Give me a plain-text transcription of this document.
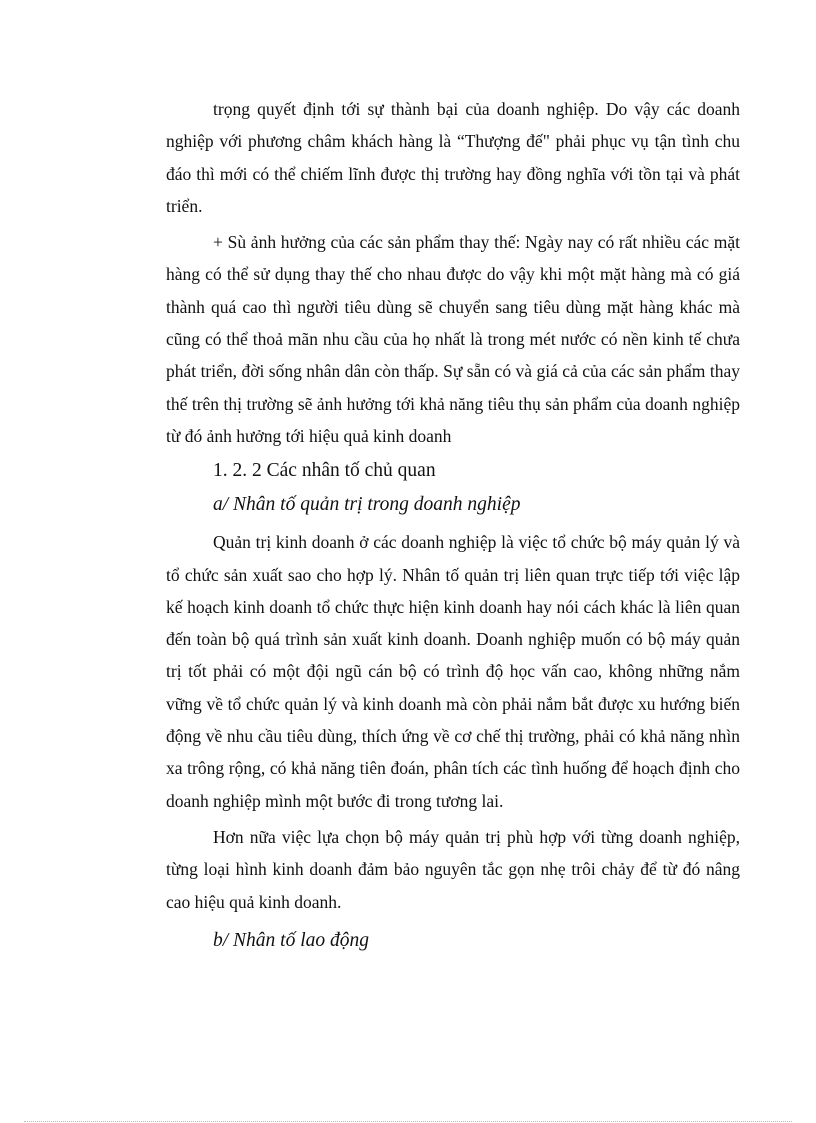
trọng quyết định tới sự thành bại của doanh nghiệp. Do vậy các doanh nghiệp với phương châm khách hàng là “Thượng đế" phải phục vụ tận tình chu đáo thì mới có thể chiếm lĩnh được thị trường hay đồng nghĩa với tồn tại và phát triển.

+ Sù ảnh hưởng của các sản phẩm thay thế: Ngày nay có rất nhiều các mặt hàng có thể sử dụng thay thế cho nhau được do vậy khi một mặt hàng mà có giá thành quá cao thì người tiêu dùng sẽ chuyển sang tiêu dùng mặt hàng khác mà cũng có thể thoả mãn nhu cầu của họ nhất là trong mét nước có nền kinh tế chưa phát triển, đời sống nhân dân còn thấp. Sự sẵn có và giá cả của các sản phẩm thay thế trên thị trường sẽ ảnh hưởng tới khả năng tiêu thụ sản phẩm của doanh nghiệp từ đó ảnh hưởng tới hiệu quả kinh doanh

1. 2. 2 Các nhân tố chủ quan
a/ Nhân tố quản trị trong doanh nghiệp

Quản trị kinh doanh ở các doanh nghiệp là việc tổ chức bộ máy quản lý và tổ chức sản xuất sao cho hợp lý. Nhân tố quản trị liên quan trực tiếp tới việc lập kế hoạch kinh doanh tổ chức thực hiện kinh doanh hay nói cách khác là liên quan đến toàn bộ quá trình sản xuất kinh doanh. Doanh nghiệp muốn có bộ máy quản trị tốt phải có một đội ngũ cán bộ có trình độ học vấn cao, không những nắm vững về tổ chức quản lý và kinh doanh mà còn phải nắm bắt được xu hướng biến động về nhu cầu tiêu dùng, thích ứng về cơ chế thị trường, phải có khả năng nhìn xa trông rộng, có khả năng tiên đoán, phân tích các tình huống để hoạch định cho doanh nghiệp mình một bước đi trong tương lai.

Hơn nữa việc lựa chọn bộ máy quản trị phù hợp với từng doanh nghiệp, từng loại hình kinh doanh đảm bảo nguyên tắc gọn nhẹ trôi chảy để từ đó nâng cao hiệu quả kinh doanh.

b/ Nhân tố lao động
